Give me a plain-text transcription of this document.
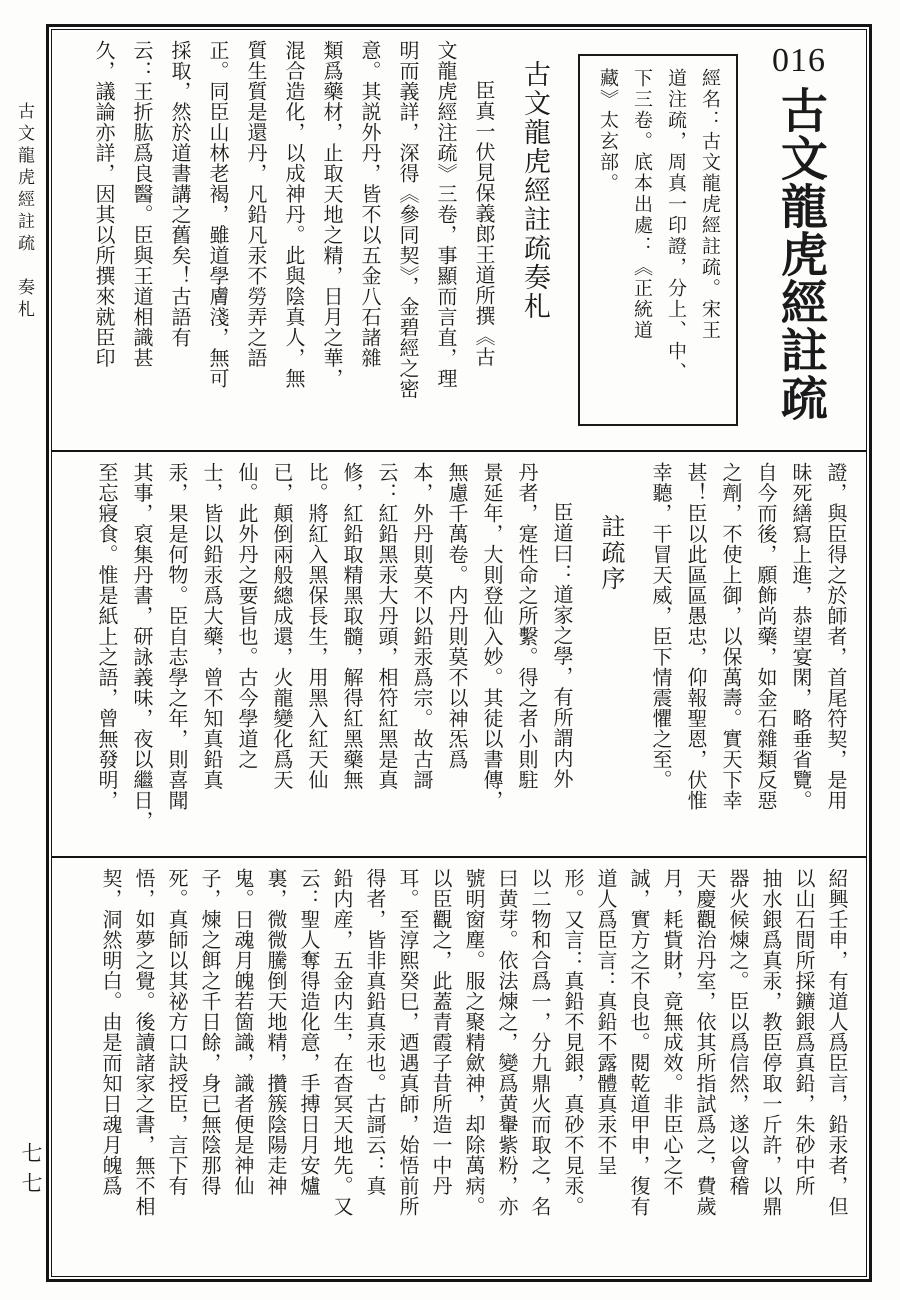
古文龍虎經註疏　奏札
七七
016
古文龍虎經註疏
經名：古文龍虎經註疏。宋王
道注疏，周真一印證，分上、中、
下三卷。底本出處：《正統道
藏》太玄部。
古文龍虎經註疏奏札
臣真一伏見保義郎王道所撰《古
文龍虎經注疏》三卷，事顯而言直，理
明而義詳，深得《參同契》，金碧經之密
意。其説外丹，皆不以五金八石諸雜
類爲藥材，止取天地之精，日月之華，
混合造化，以成神丹。此與陰真人，無
質生質是還丹，凡鉛凡汞不勞弄之語
正。同臣山林老褐，雖道學膚淺，無可
採取，然於道書講之舊矣！古語有
云：王折肱爲良醫。臣與王道相識甚
久，議論亦詳，因其以所撰來就臣印
證，與臣得之於師者，首尾符契，是用
昧死繕寫上進，恭望宴閑，略垂省覽。
自今而後，願飾尚藥，如金石雜類反惡
之劑，不使上御，以保萬壽。實天下幸
甚！臣以此區區愚忠，仰報聖恩，伏惟
幸聽，干冒天威，臣下情震懼之至。
註疏序
臣道曰：道家之學，有所謂内外
丹者，寔性命之所繫。得之者小則駐
景延年，大則登仙入妙。其徒以書傳，
無慮千萬卷。内丹則莫不以神炁爲
本，外丹則莫不以鉛汞爲宗。故古謌
云：紅鉛黑汞大丹頭，相符紅黑是真
修，紅鉛取精黑取髓，解得紅黑藥無
比。將紅入黑保長生，用黑入紅天仙
已，顛倒兩般總成還，火龍變化爲天
仙。此外丹之要旨也。古今學道之
士，皆以鉛汞爲大藥，曾不知真鉛真
汞，果是何物。臣自志學之年，則喜聞
其事，裒集丹書，研詠義味，夜以繼日，
至忘寢食。惟是紙上之語，曾無發明，
紹興壬申，有道人爲臣言，鉛汞者，但
以山石間所採鑛銀爲真鉛，朱砂中所
抽水銀爲真汞，教臣停取一斤許，以鼎
器火候煉之。臣以爲信然，遂以會稽
天慶觀治丹室，依其所指試爲之，費歲
月，耗貲財，竟無成效。非臣心之不
誠，實方之不良也。閱乾道甲申，復有
道人爲臣言：真鉛不露體真汞不呈
形。又言：真鉛不見銀，真砂不見汞。
以二物和合爲一，分九鼎火而取之，名
曰黄芽。依法煉之，變爲黄轝紫粉，亦
號明窗塵。服之聚精歛神，却除萬病。
以臣觀之，此蓋青霞子昔所造一中丹
耳。至淳熙癸巳，迺遇真師，始悟前所
得者，皆非真鉛真汞也。古謌云：真
鉛内産，五金内生，在杳冥天地先。又
云：聖人奪得造化意，手搏日月安爐
裏，微微騰倒天地精，攢簇陰陽走神
鬼。日魂月魄若箇識，識者便是神仙
子，煉之餌之千日餘，身已無陰那得
死。真師以其祕方口訣授臣，言下有
悟，如夢之覺。後讀諸家之書，無不相
契，洞然明白。由是而知日魂月魄爲
